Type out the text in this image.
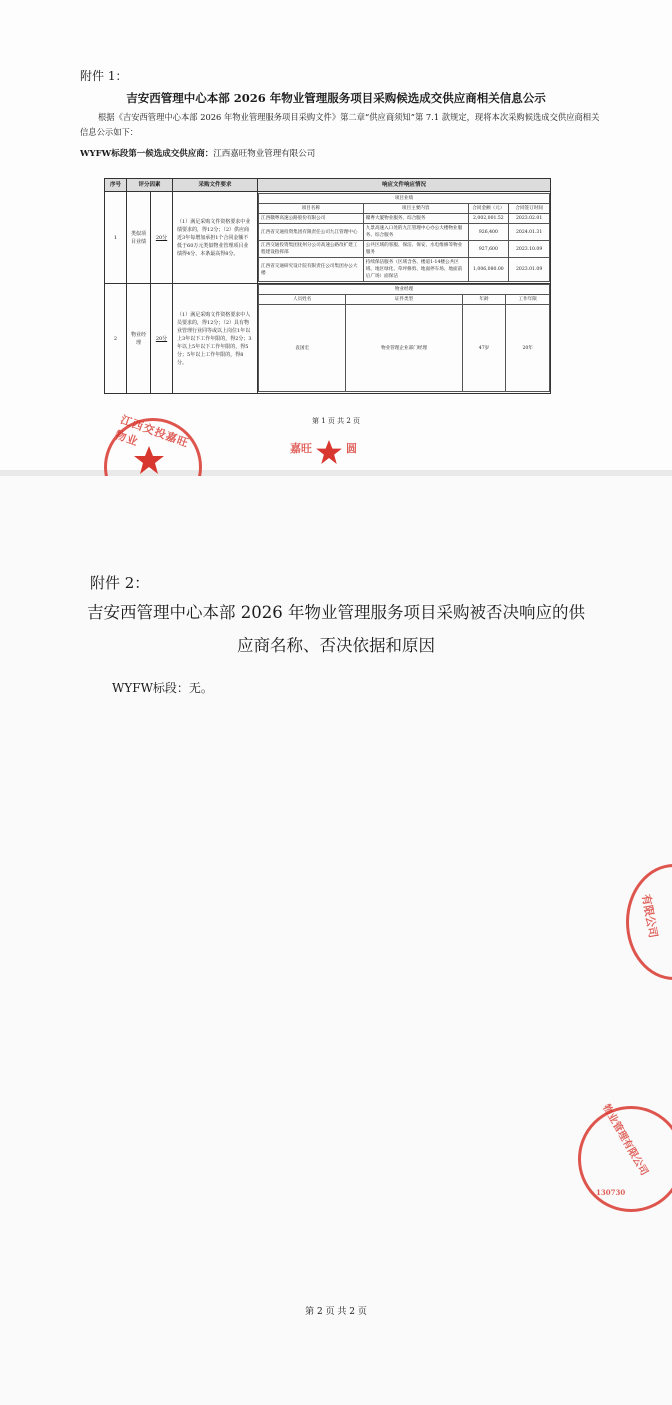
附件 1：
吉安西管理中心本部 2026 年物业管理服务项目采购候选成交供应商相关信息公示
根据《吉安西管理中心本部 2026 年物业管理服务项目采购文件》第二章“供应商须知”第 7.1 款规定，现将本次采购候选成交供应商相关信息公示如下：
WYFW标段第一候选成交供应商：江西嘉旺物业管理有限公司
序号	评分因素	采购文件要求	响应文件响应情况
1	类似项目业绩	20分	（1）满足采购文件资格要求中业绩要求的，得12分；（2）供应商近3年每增加承担1个合同金额不低于60万元类似物业管理项目业绩得4分，本条最高得8分。	
项目业绩
项目名称	项目主要内容	合同金额（元）	合同签订时间
江西赣粤高速公路股份有限公司	赣粤大厦物业服务、综合服务	2,002,001.52	2023.02.01
江西省交通投资集团有限责任公司九江管理中心	九景高速入口处的九江管理中心办公大楼物业服务、综合服务	926,400	2024.01.31
江西交通投资集团抚州分公司高速公路改扩建工程建设指挥部	公共区域的客服、保洁、保安、水电维修等物业服务	927,600	2023.10.09
江西省交通研究设计院有限责任公司集团办公大楼	持续保洁服务（区域含各、楼道1-14楼公共区域、地区绿化、草坪修剪、地面停车场、地面前后广场）面保洁	1,006,080.00	2023.01.09

2	物业经理	20分	（1）满足采购文件资格要求中人员要求的，得12分；（2）具有物业管理行业同等或以上岗位1年以上3年以下工作年限的，得2分；3年以上5年以下工作年限的，得5分；5年以上工作年限的，得8分。	
物业经理
人员姓名	证件类型	年龄	工作年限
袁国宏	物业管理企业部门经理	47岁	20年
第 1 页 共 2 页
江西交投嘉旺物业	嘉旺	圆
附件 2：
吉安西管理中心本部 2026 年物业管理服务项目采购被否决响应的供应商名称、否决依据和原因
WYFW标段：无。
第 2 页 共 2 页
有限公司
物业管理有限公司
130730
